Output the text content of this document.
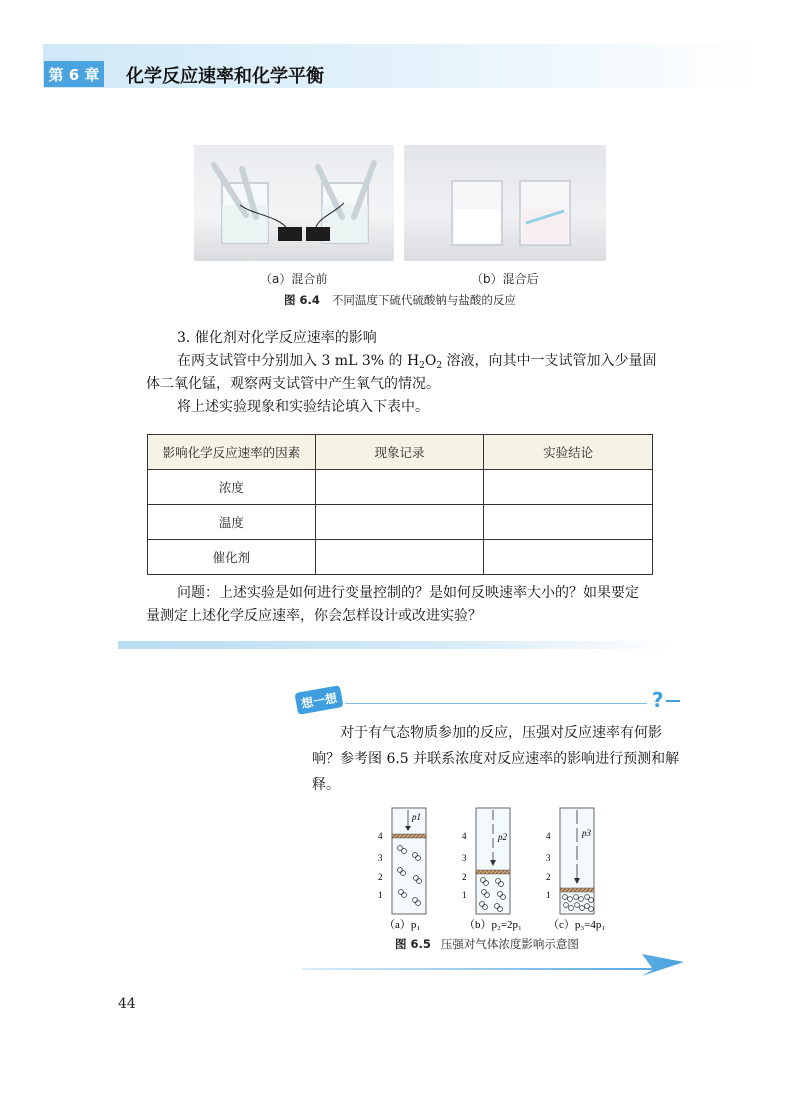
第 6 章 化学反应速率和化学平衡
（a）混合前	（b）混合后
图 6.4 不同温度下硫代硫酸钠与盐酸的反应
3. 催化剂对化学反应速率的影响
在两支试管中分别加入 3 mL 3% 的 $H_2O_2$ 溶液，向其中一支试管加入少量固
体二氧化锰，观察两支试管中产生氧气的情况。
将上述实验现象和实验结论填入下表中。
影响化学反应速率的因素	现象记录	实验结论
浓度		
温度		
催化剂		
问题：上述实验是如何进行变量控制的？是如何反映速率大小的？如果要定
量测定上述化学反应速率，你会怎样设计或改进实验？
想一想	?
对于有气态物质参加的反应，压强对反应速率有何影响？参考图 6.5 并联系浓度对反应速率的影响进行预测和解释。
p1
4
3
2
1
p2
4
3
2
1
p3
4
3
2
1
（a）p₁	（b）p₂=2p₁ （c）p₃=4p₁
图 6.5 压强对气体浓度影响示意图
44
